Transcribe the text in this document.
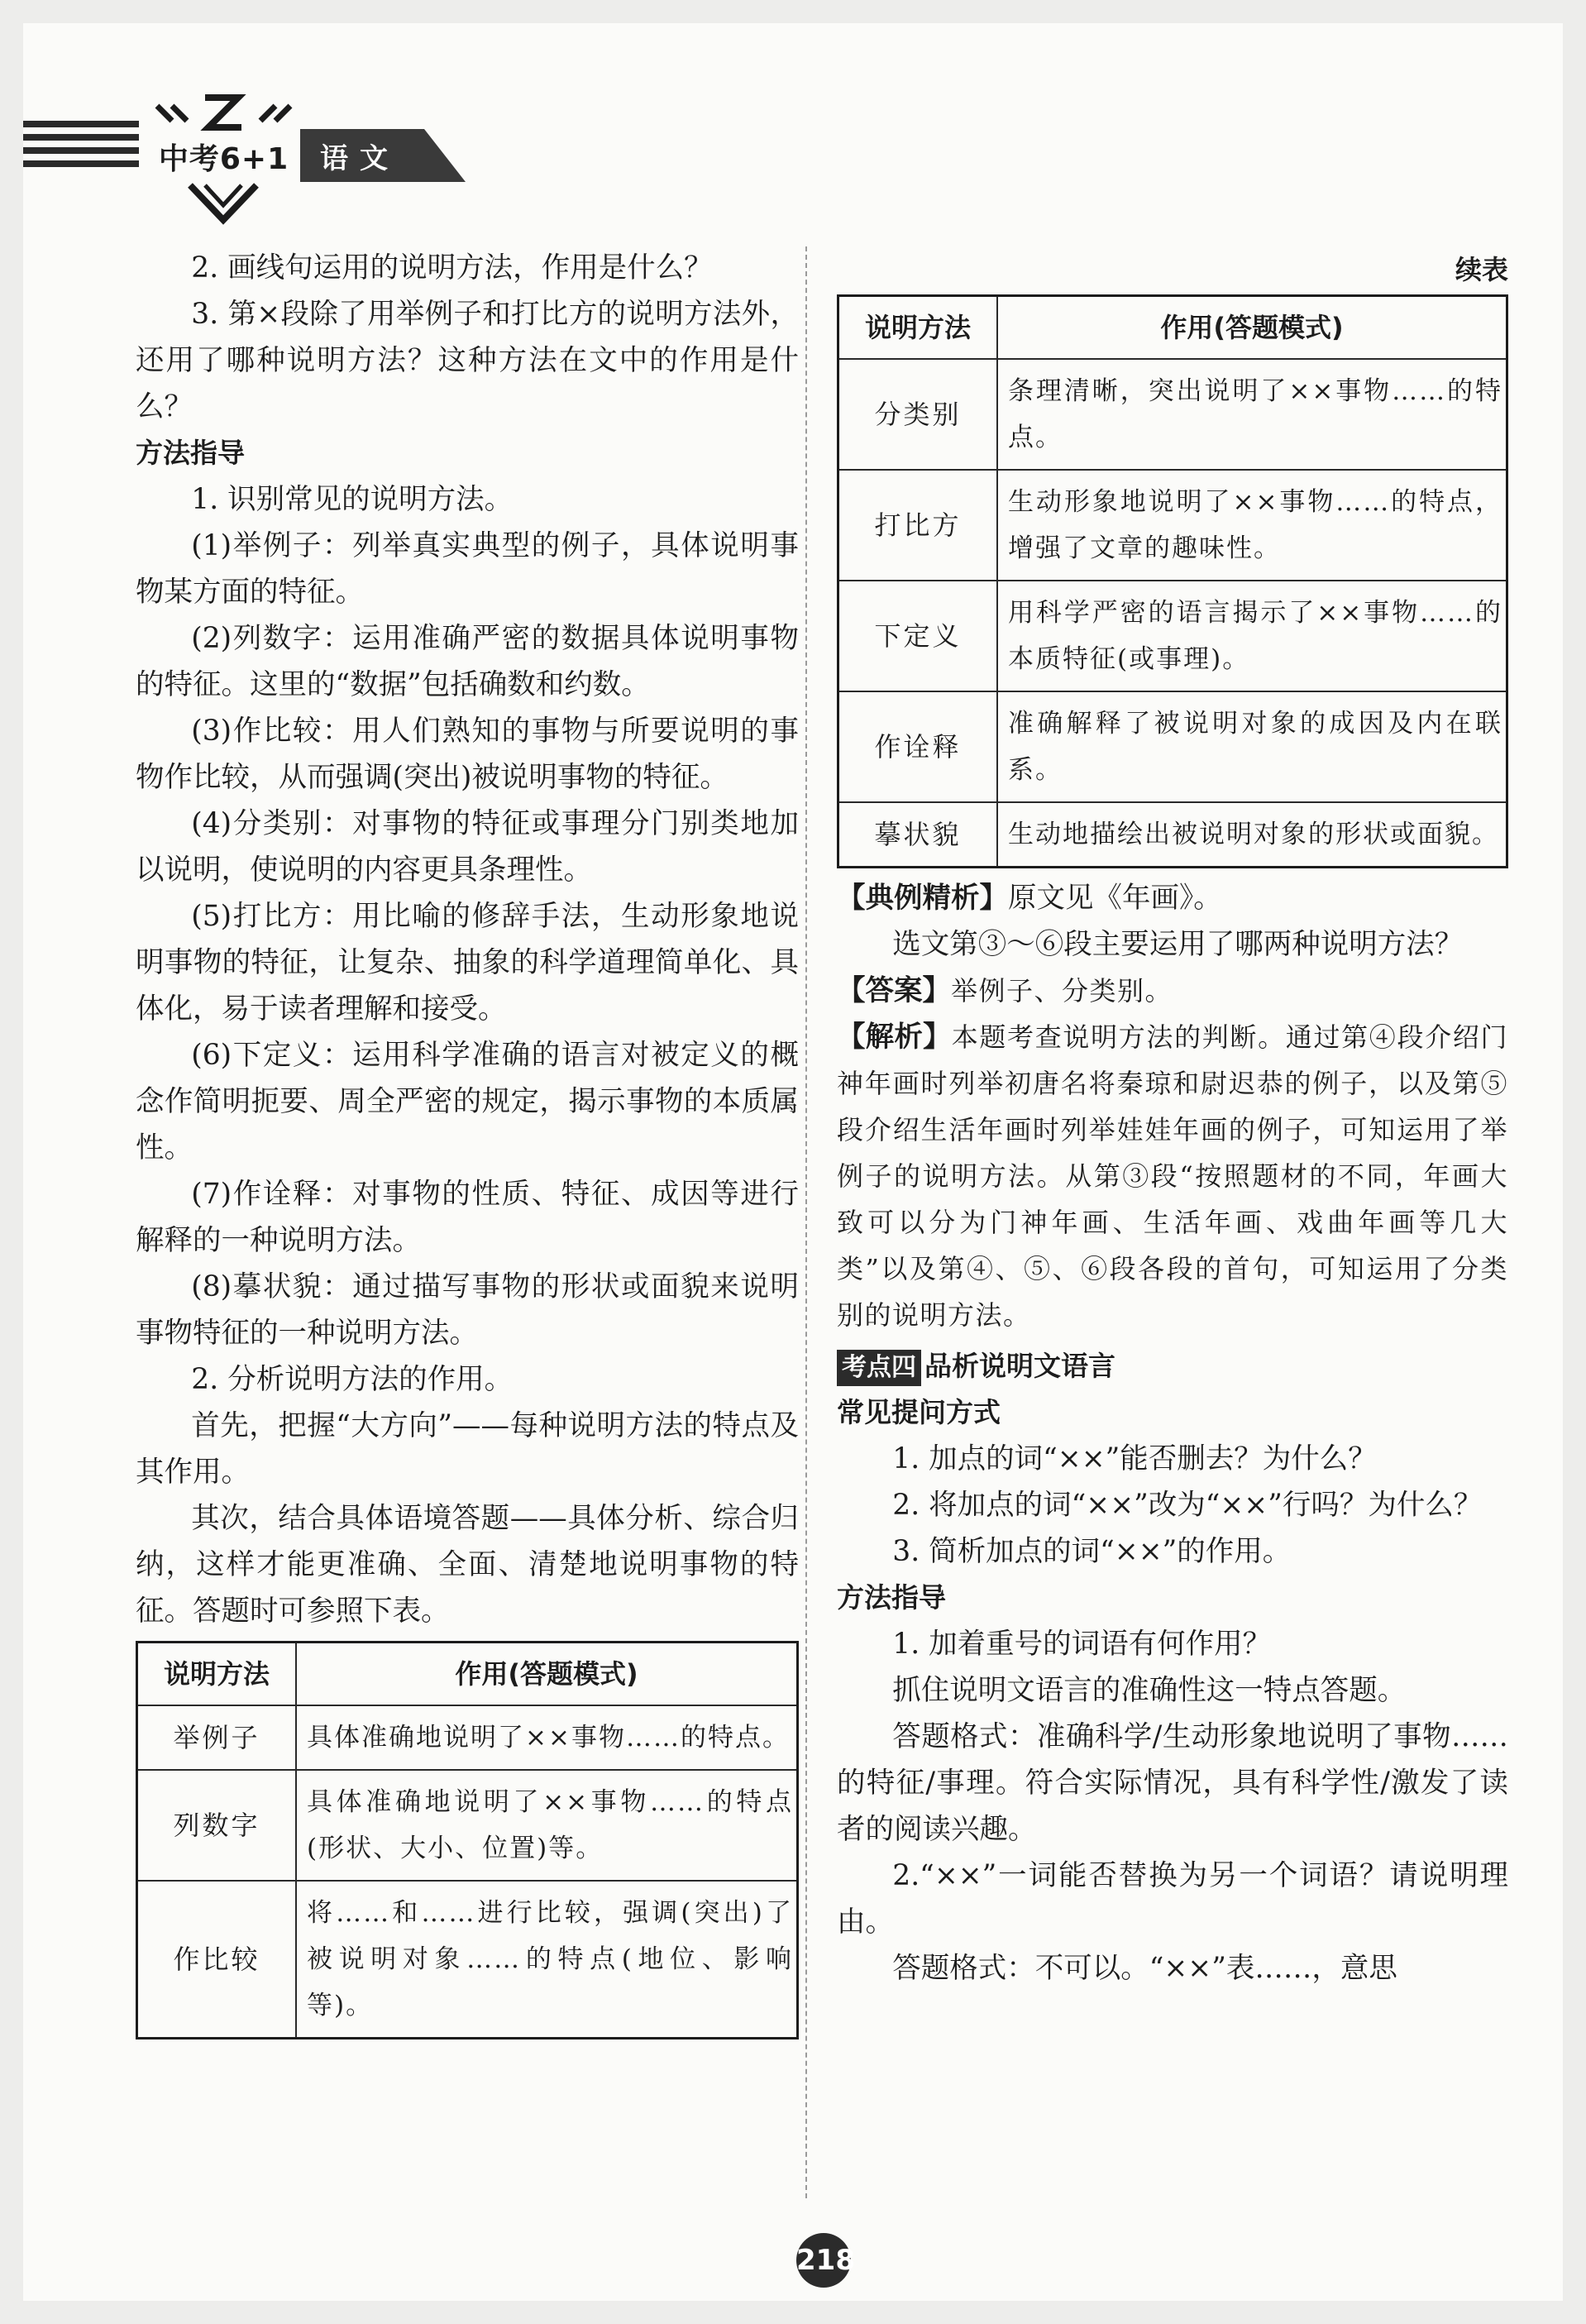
中考6+1	语文

2. 画线句运用的说明方法，作用是什么？

3. 第×段除了用举例子和打比方的说明方法外，还用了哪种说明方法？这种方法在文中的作用是什么？

方法指导

1. 识别常见的说明方法。

(1)举例子：列举真实典型的例子，具体说明事物某方面的特征。

(2)列数字：运用准确严密的数据具体说明事物的特征。这里的“数据”包括确数和约数。

(3)作比较：用人们熟知的事物与所要说明的事物作比较，从而强调(突出)被说明事物的特征。

(4)分类别：对事物的特征或事理分门别类地加以说明，使说明的内容更具条理性。

(5)打比方：用比喻的修辞手法，生动形象地说明事物的特征，让复杂、抽象的科学道理简单化、具体化，易于读者理解和接受。

(6)下定义：运用科学准确的语言对被定义的概念作简明扼要、周全严密的规定，揭示事物的本质属性。

(7)作诠释：对事物的性质、特征、成因等进行解释的一种说明方法。

(8)摹状貌：通过描写事物的形状或面貌来说明事物特征的一种说明方法。

2. 分析说明方法的作用。

首先，把握“大方向”——每种说明方法的特点及其作用。

其次，结合具体语境答题——具体分析、综合归纳，这样才能更准确、全面、清楚地说明事物的特征。答题时可参照下表。

说明方法	作用(答题模式)
举例子	具体准确地说明了××事物……的特点。
列数字	具体准确地说明了××事物……的特点(形状、大小、位置)等。
作比较	将……和……进行比较，强调(突出)了被说明对象……的特点(地位、影响等)。
续表
说明方法	作用(答题模式)
分类别	条理清晰，突出说明了××事物……的特点。
打比方	生动形象地说明了××事物……的特点，增强了文章的趣味性。
下定义	用科学严密的语言揭示了××事物……的本质特征(或事理)。
作诠释	准确解释了被说明对象的成因及内在联系。
摹状貌	生动地描绘出被说明对象的形状或面貌。

【典例精析】原文见《年画》。

选文第③～⑥段主要运用了哪两种说明方法？

【答案】举例子、分类别。

【解析】本题考查说明方法的判断。通过第④段介绍门神年画时列举初唐名将秦琼和尉迟恭的例子，以及第⑤段介绍生活年画时列举娃娃年画的例子，可知运用了举例子的说明方法。从第③段“按照题材的不同，年画大致可以分为门神年画、生活年画、戏曲年画等几大类”以及第④、⑤、⑥段各段的首句，可知运用了分类别的说明方法。

考点四 品析说明文语言

常见提问方式

1. 加点的词“××”能否删去？为什么？

2. 将加点的词“××”改为“××”行吗？为什么？

3. 简析加点的词“××”的作用。

方法指导

1. 加着重号的词语有何作用？

抓住说明文语言的准确性这一特点答题。

答题格式：准确科学/生动形象地说明了事物……的特征/事理。符合实际情况，具有科学性/激发了读者的阅读兴趣。

2.“××”一词能否替换为另一个词语？请说明理由。

答题格式：不可以。“××”表……，意思

218
